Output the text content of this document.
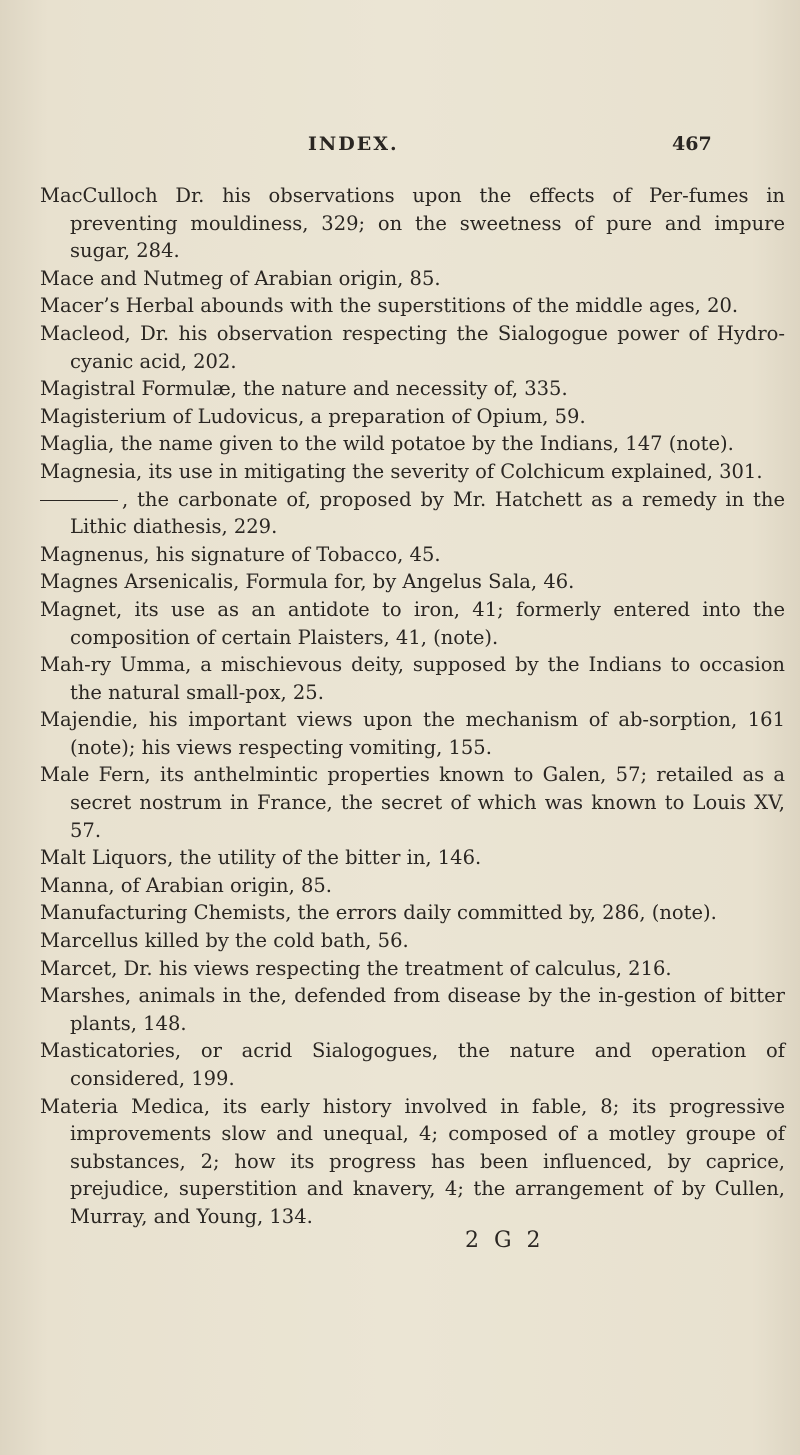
INDEX.	467
MacCulloch Dr. his observations upon the effects of Per-fumes in preventing mouldiness, 329; on the sweetness of pure and impure sugar, 284.
Mace and Nutmeg of Arabian origin, 85.
Macer’s Herbal abounds with the superstitions of the middle ages, 20.
Macleod, Dr. his observation respecting the Sialogogue power of Hydro-cyanic acid, 202.
Magistral Formulæ, the nature and necessity of, 335.
Magisterium of Ludovicus, a preparation of Opium, 59.
Maglia, the name given to the wild potatoe by the Indians, 147 (note).
Magnesia, its use in mitigating the severity of Colchicum explained, 301.
, the carbonate of, proposed by Mr. Hatchett as a remedy in the Lithic diathesis, 229.
Magnenus, his signature of Tobacco, 45.
Magnes Arsenicalis, Formula for, by Angelus Sala, 46.
Magnet, its use as an antidote to iron, 41; formerly entered into the composition of certain Plaisters, 41, (note).
Mah-ry Umma, a mischievous deity, supposed by the Indians to occasion the natural small-pox, 25.
Majendie, his important views upon the mechanism of ab-sorption, 161 (note); his views respecting vomiting, 155.
Male Fern, its anthelmintic properties known to Galen, 57; retailed as a secret nostrum in France, the secret of which was known to Louis XV, 57.
Malt Liquors, the utility of the bitter in, 146.
Manna, of Arabian origin, 85.
Manufacturing Chemists, the errors daily committed by, 286, (note).
Marcellus killed by the cold bath, 56.
Marcet, Dr. his views respecting the treatment of calculus, 216.
Marshes, animals in the, defended from disease by the in-gestion of bitter plants, 148.
Masticatories, or acrid Sialogogues, the nature and operation of considered, 199.
Materia Medica, its early history involved in fable, 8; its progressive improvements slow and unequal, 4; composed of a motley groupe of substances, 2; how its progress has been influenced, by caprice, prejudice, superstition and knavery, 4; the arrangement of by Cullen, Murray, and Young, 134.
2 G 2
